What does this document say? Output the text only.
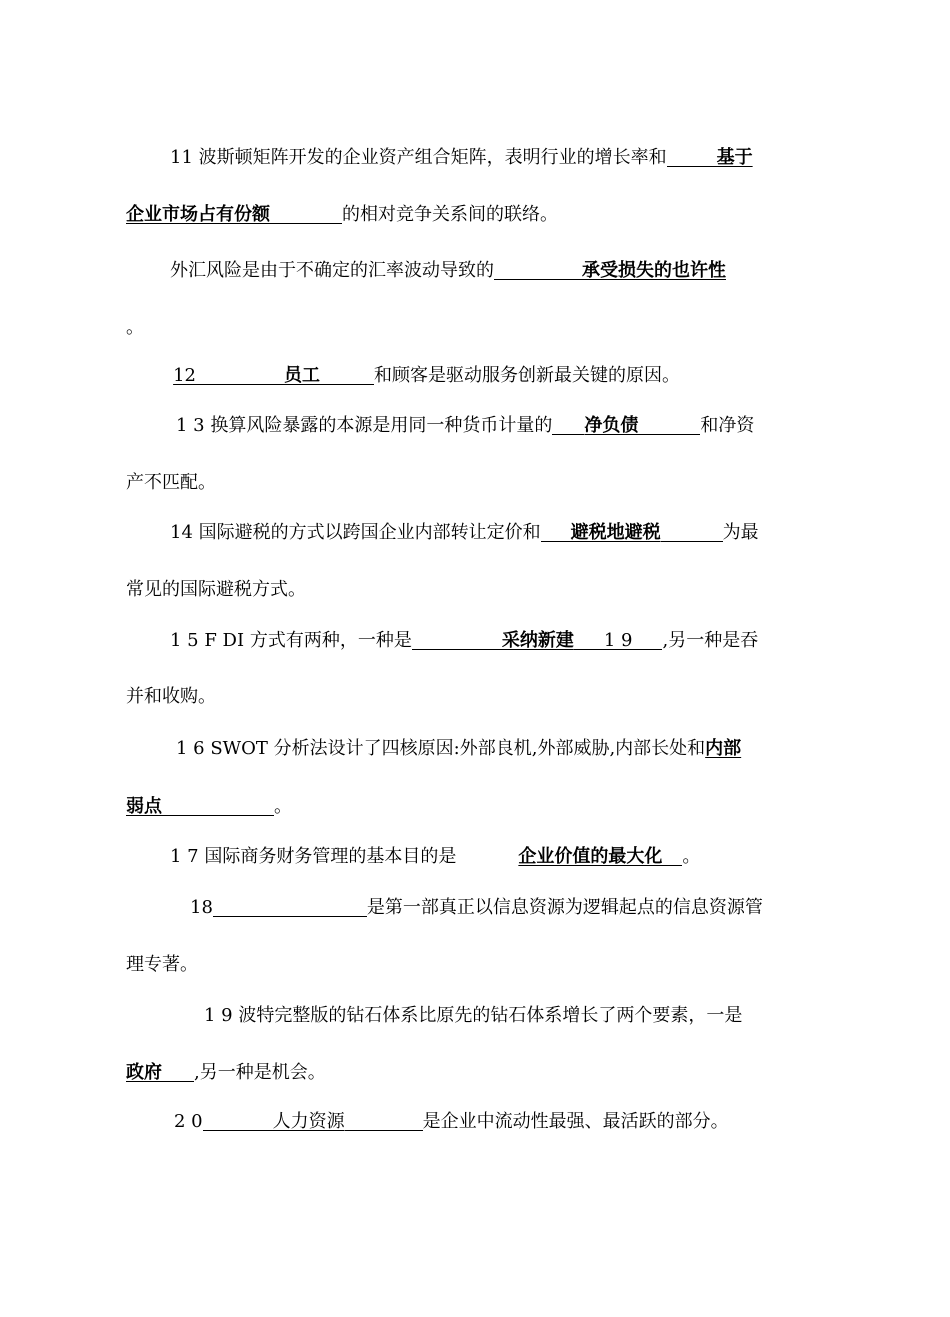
11 波斯顿矩阵开发的企业资产组合矩阵，表明行业的增长率和	基于
企业市场占有份额	的相对竞争关系间的联络。
外汇风险是由于不确定的汇率波动导致的	承受损失的也许性
。
12	员工	和顾客是驱动服务创新最关键的原因。
1 3 换算风险暴露的本源是用同一种货币计量的 净负债	和净资
产不匹配。
14 国际避税的方式以跨国企业内部转让定价和 避税地避税	为最
常见的国际避税方式。
1 5 F DI 方式有两种，一种是	采纳新建 1 9 ,另一种是吞
并和收购。
1 6 SWOT 分析法设计了四核原因:外部良机,外部威胁,内部长处和内部
弱点	。
1 7 国际商务财务管理的基本目的是	企业价值的最大化 。
18	是第一部真正以信息资源为逻辑起点的信息资源管
理专著。
1 9 波特完整版的钻石体系比原先的钻石体系增长了两个要素，一是
政府 ,另一种是机会。
2 0	人力资源	是企业中流动性最强、最活跃的部分。
